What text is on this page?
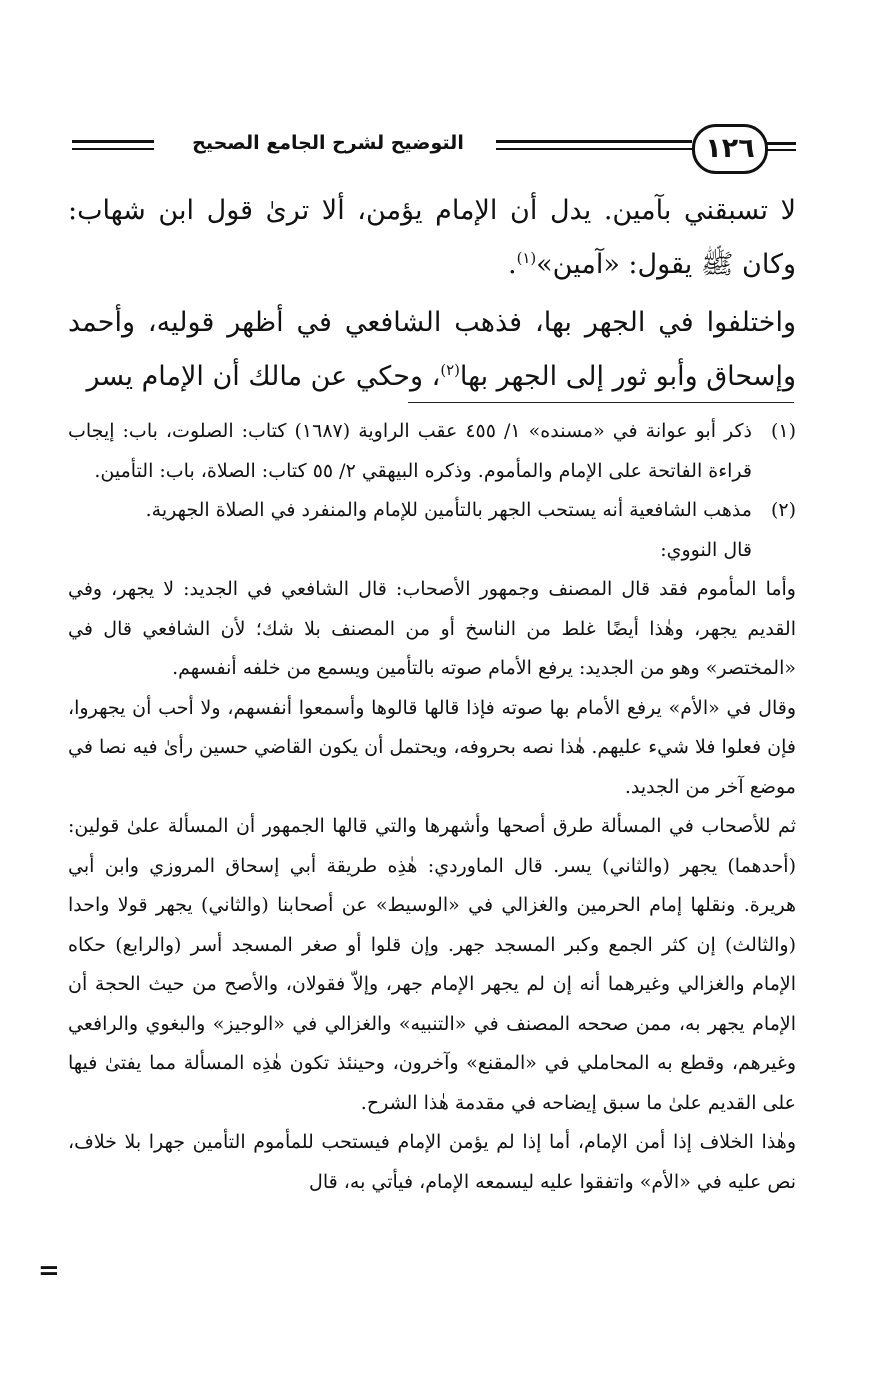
١٢٦
التوضيح لشرح الجامع الصحيح

لا تسبقني بآمين. يدل أن الإمام يؤمن، ألا ترىٰ قول ابن شهاب: وكان ﷺ يقول: «آمين»$^{(١)}$.

واختلفوا في الجهر بها، فذهب الشافعي في أظهر قوليه، وأحمد وإسحاق وأبو ثور إلى الجهر بها$^{(٢)}$، وحكي عن مالك أن الإمام يسر

(١)

ذكر أبو عوانة في «مسنده» ١/ ٤٥٥ عقب الراوية (١٦٨٧) كتاب: الصلوت، باب: إيجاب قراءة الفاتحة على الإمام والمأموم. وذكره البيهقي ٢/ ٥٥ كتاب: الصلاة، باب: التأمين.

(٢)

مذهب الشافعية أنه يستحب الجهر بالتأمين للإمام والمنفرد في الصلاة الجهرية.

قال النووي:

وأما المأموم فقد قال المصنف وجمهور الأصحاب: قال الشافعي في الجديد: لا يجهر، وفي القديم يجهر، وهٰذا أيضًا غلط من الناسخ أو من المصنف بلا شك؛ لأن الشافعي قال في «المختصر» وهو من الجديد: يرفع الأمام صوته بالتأمين ويسمع من خلفه أنفسهم.

وقال في «الأم» يرفع الأمام بها صوته فإذا قالها قالوها وأسمعوا أنفسهم، ولا أحب أن يجهروا، فإن فعلوا فلا شيء عليهم. هٰذا نصه بحروفه، ويحتمل أن يكون القاضي حسين رأىٰ فيه نصا في موضع آخر من الجديد.

ثم للأصحاب في المسألة طرق أصحها وأشهرها والتي قالها الجمهور أن المسألة علىٰ قولين: (أحدهما) يجهر (والثاني) يسر. قال الماوردي: هٰذِه طريقة أبي إسحاق المروزي وابن أبي هريرة. ونقلها إمام الحرمين والغزالي في «الوسيط» عن أصحابنا (والثاني) يجهر قولا واحدا (والثالث) إن كثر الجمع وكبر المسجد جهر. وإن قلوا أو صغر المسجد أسر (والرابع) حكاه الإمام والغزالي وغيرهما أنه إن لم يجهر الإمام جهر، وإلاّ فقولان، والأصح من حيث الحجة أن الإمام يجهر به، ممن صححه المصنف في «التنبيه» والغزالي في «الوجيز» والبغوي والرافعي وغيرهم، وقطع به المحاملي في «المقنع» وآخرون، وحينئذ تكون هٰذِه المسألة مما يفتىٰ فيها على القديم علىٰ ما سبق إيضاحه في مقدمة هٰذا الشرح.

وهٰذا الخلاف إذا أمن الإمام، أما إذا لم يؤمن الإمام فيستحب للمأموم التأمين جهرا بلا خلاف، نص عليه في «الأم» واتفقوا عليه ليسمعه الإمام، فيأتي به، قال

=
